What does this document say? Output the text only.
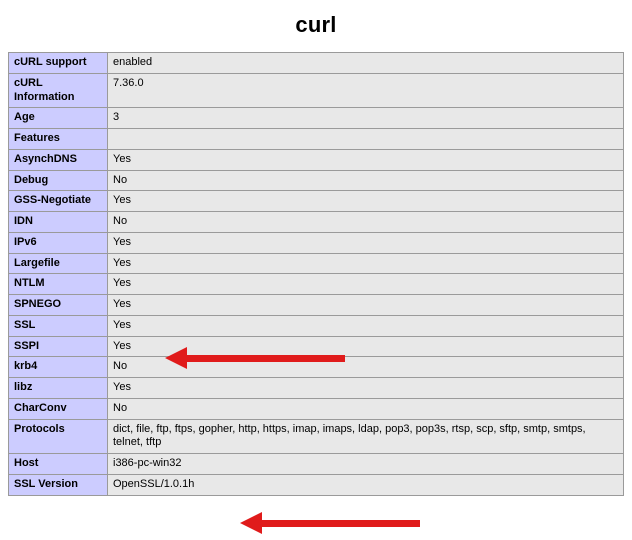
curl
cURL support	enabled
cURL Information	7.36.0
Age	3
Features	
AsynchDNS	Yes
Debug	No
GSS-Negotiate	Yes
IDN	No
IPv6	Yes
Largefile	Yes
NTLM	Yes
SPNEGO	Yes
SSL	Yes
SSPI	Yes
krb4	No
libz	Yes
CharConv	No
Protocols	dict, file, ftp, ftps, gopher, http, https, imap, imaps, ldap, pop3, pop3s, rtsp, scp, sftp, smtp, smtps, telnet, tftp
Host	i386-pc-win32
SSL Version	OpenSSL/1.0.1h
